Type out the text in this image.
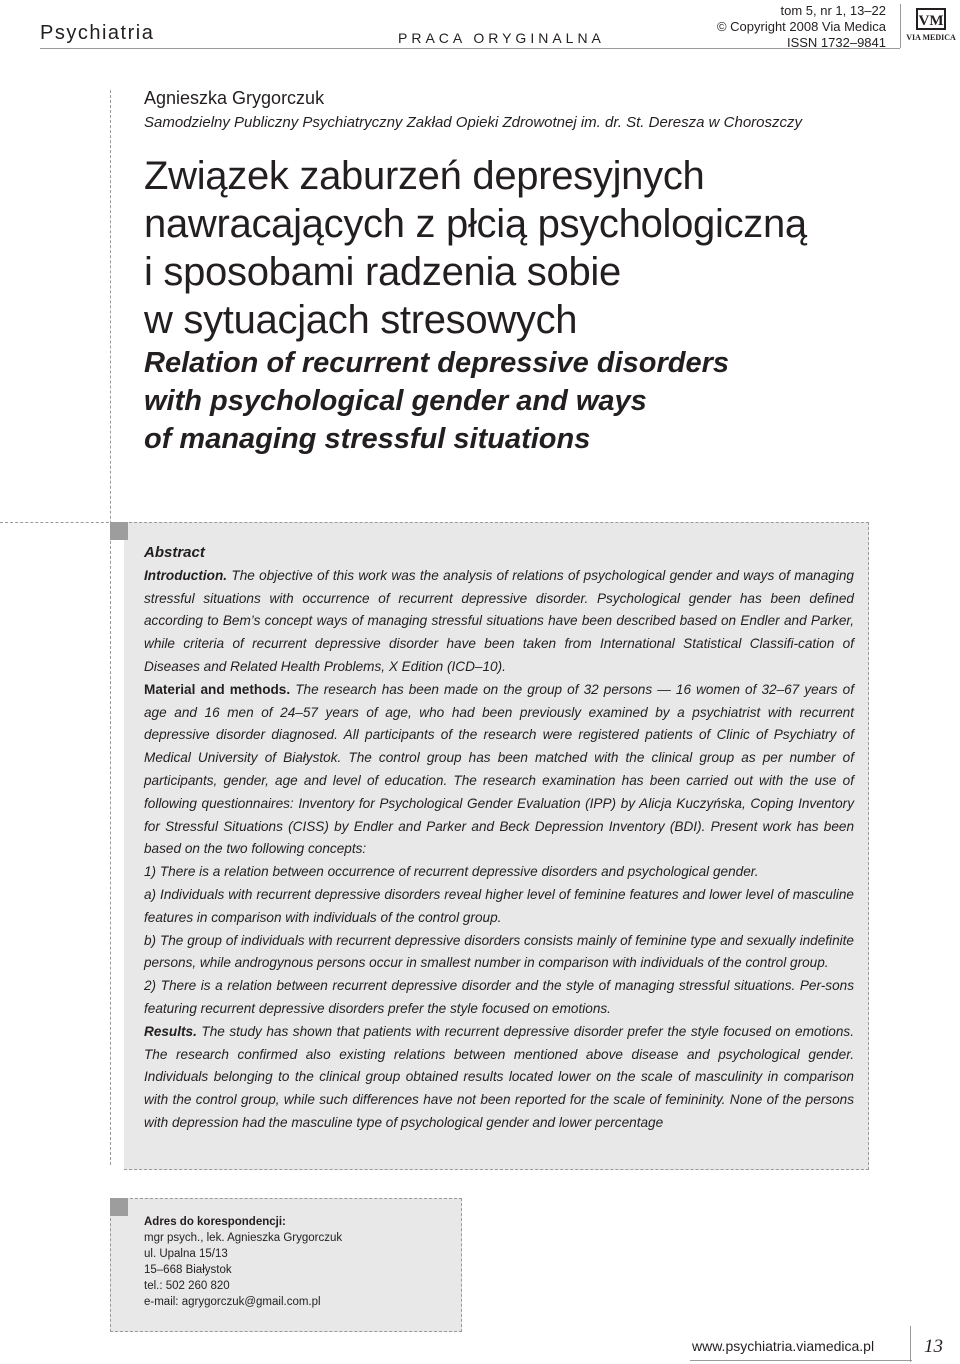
Psychiatria	PRACA ORYGINALNA
tom 5, nr 1, 13–22
© Copyright 2008 Via Medica
ISSN 1732–9841
VM
VIA MEDICA
Agnieszka Grygorczuk
Samodzielny Publiczny Psychiatryczny Zakład Opieki Zdrowotnej im. dr. St. Deresza w Choroszczy
Związek zaburzeń depresyjnych
nawracających z płcią psychologiczną
i sposobami radzenia sobie
w sytuacjach stresowych
Relation of recurrent depressive disorders
with psychological gender and ways
of managing stressful situations

Abstract

Introduction. The objective of this work was the analysis of relations of psychological gender and ways of managing stressful situations with occurrence of recurrent depressive disorder. Psychological gender has been defined according to Bem’s concept ways of managing stressful situations have been described based on Endler and Parker, while criteria of recurrent depressive disorder have been taken from International Statistical Classifi-cation of Diseases and Related Health Problems, X Edition (ICD–10).

Material and methods. The research has been made on the group of 32 persons — 16 women of 32–67 years of age and 16 men of 24–57 years of age, who had been previously examined by a psychiatrist with recurrent depressive disorder diagnosed. All participants of the research were registered patients of Clinic of Psychiatry of Medical University of Białystok. The control group has been matched with the clinical group as per number of participants, gender, age and level of education. The research examination has been carried out with the use of following questionnaires: Inventory for Psychological Gender Evaluation (IPP) by Alicja Kuczyńska, Coping Inventory for Stressful Situations (CISS) by Endler and Parker and Beck Depression Inventory (BDI). Present work has been based on the two following concepts:

1) There is a relation between occurrence of recurrent depressive disorders and psychological gender.

a) Individuals with recurrent depressive disorders reveal higher level of feminine features and lower level of masculine features in comparison with individuals of the control group.

b) The group of individuals with recurrent depressive disorders consists mainly of feminine type and sexually indefinite persons, while androgynous persons occur in smallest number in comparison with individuals of the control group.

2) There is a relation between recurrent depressive disorder and the style of managing stressful situations. Per-sons featuring recurrent depressive disorders prefer the style focused on emotions.

Results. The study has shown that patients with recurrent depressive disorder prefer the style focused on emotions. The research confirmed also existing relations between mentioned above disease and psychological gender. Individuals belonging to the clinical group obtained results located lower on the scale of masculinity in comparison with the control group, while such differences have not been reported for the scale of femininity. None of the persons with depression had the masculine type of psychological gender and lower percentage

Adres do korespondencji:
mgr psych., lek. Agnieszka Grygorczuk
ul. Upalna 15/13
15–668 Białystok
tel.: 502 260 820
e-mail: agrygorczuk@gmail.com.pl
www.psychiatria.viamedica.pl	13
